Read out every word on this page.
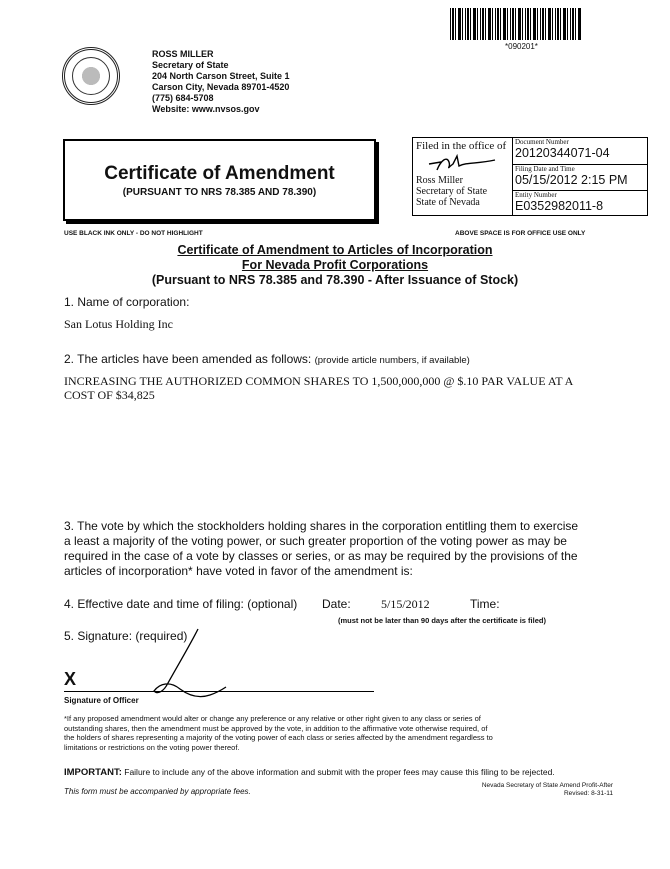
*090201*
ROSS MILLER
Secretary of State
204 North Carson Street, Suite 1
Carson City, Nevada 89701-4520
(775) 684-5708
Website: www.nvsos.gov
Certificate of Amendment
(PURSUANT TO NRS 78.385 AND 78.390)
Filed in the office of
Ross Miller
Secretary of State
State of Nevada
Document Number
20120344071-04
Filing Date and Time
05/15/2012 2:15 PM
Entity Number
E0352982011-8
USE BLACK INK ONLY - DO NOT HIGHLIGHT	ABOVE SPACE IS FOR OFFICE USE ONLY
Certificate of Amendment to Articles of Incorporation
For Nevada Profit Corporations
(Pursuant to NRS 78.385 and 78.390 - After Issuance of Stock)
1. Name of corporation:
San Lotus Holding Inc
2. The articles have been amended as follows: (provide article numbers, if available)
INCREASING THE AUTHORIZED COMMON SHARES TO 1,500,000,000 @ $.10 PAR VALUE AT A
COST OF $34,825
3. The vote by which the stockholders holding shares in the corporation entitling them to exercise
a least a majority of the voting power, or such greater proportion of the voting power as may be
required in the case of a vote by classes or series, or as may be required by the provisions of the
articles of incorporation* have voted in favor of the amendment is:
4. Effective date and time of filing: (optional) Date:	5/15/2012	Time:
(must not be later than 90 days after the certificate is filed)
5. Signature: (required)
X
Signature of Officer
*If any proposed amendment would alter or change any preference or any relative or other right given to any class or series of
outstanding shares, then the amendment must be approved by the vote, in addition to the affirmative vote otherwise required, of
the holders of shares representing a majority of the voting power of each class or series affected by the amendment regardless to
limitations or restrictions on the voting power thereof.
IMPORTANT: Failure to include any of the above information and submit with the proper fees may cause this filing to be rejected.
This form must be accompanied by appropriate fees.
Nevada Secretary of State Amend Profit-After
Revised: 8-31-11
